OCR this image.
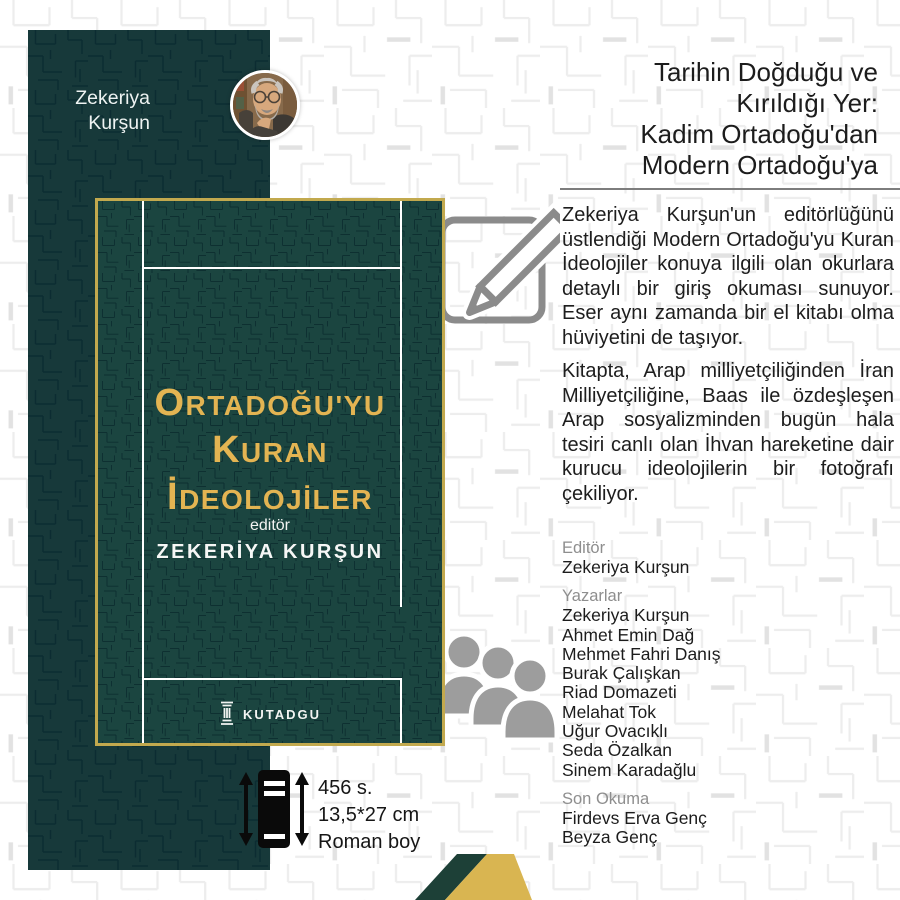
Zekeriya
Kurşun
ORTADOĞU'YU
KURAN
İDEOLOJİLER
editör
ZEKERİYA KURŞUN
KUTADGU
Tarihin Doğduğu ve
Kırıldığı Yer:
Kadim Ortadoğu'dan
Modern Ortadoğu'ya
Zekeriya Kurşun'un editörlüğünü üstlendiği Modern Ortadoğu'yu Kuran İdeolojiler konuya ilgili olan okurlara detaylı bir giriş okuması sunuyor. Eser aynı zamanda bir el kitabı olma hüviyetini de taşıyor.
Kitapta, Arap milliyetçiliğinden İran Milliyetçiliğine, Baas ile özdeşleşen Arap sosyalizminden bugün hala tesiri canlı olan İhvan hareketine dair kurucu ideolojilerin bir fotoğrafı çekiliyor.
Editör
Zekeriya Kurşun
Yazarlar
Zekeriya Kurşun
Ahmet Emin Dağ
Mehmet Fahri Danış
Burak Çalışkan
Riad Domazeti
Melahat Tok
Uğur Ovacıklı
Seda Özalkan
Sinem Karadağlu
Son Okuma
Firdevs Erva Genç
Beyza Genç
456 s.
13,5*27 cm
Roman boy
